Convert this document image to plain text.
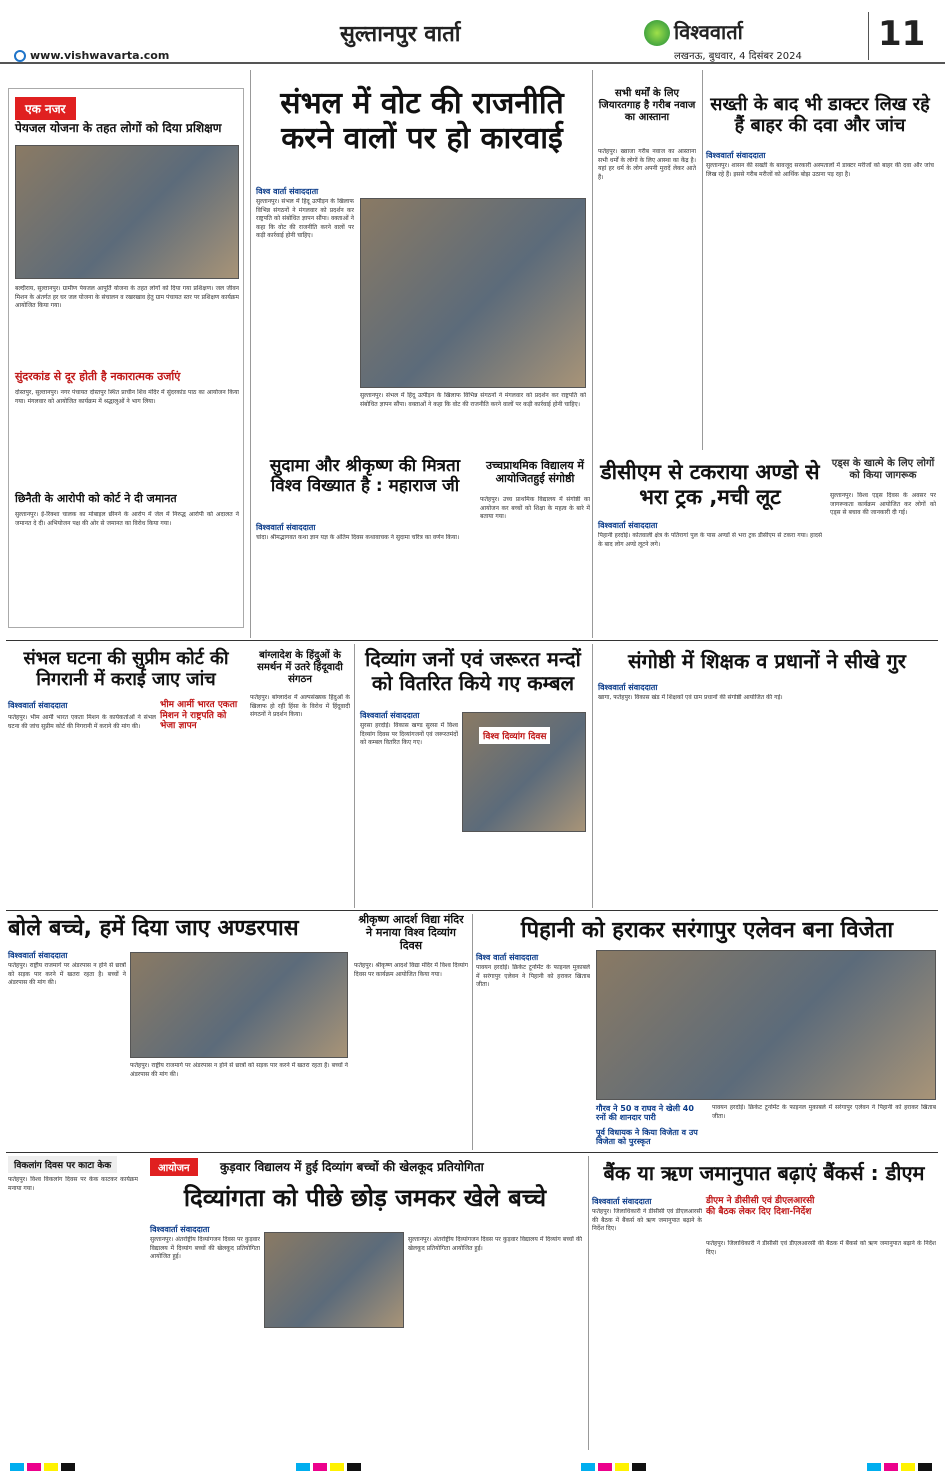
www.vishwavarta.com
सुल्तानपुर वार्ता	विश्ववार्ता
लखनऊ, बुधवार, 4 दिसंबर 2024
11
एक नजर
पेयजल योजना के तहत लोगों को दिया प्रशिक्षण
बल्दीराय, सुल्तानपुर। ग्रामीण पेयजल आपूर्ति योजना के तहत लोगों को दिया गया प्रशिक्षण। जल जीवन मिशन के अंतर्गत हर घर जल योजना के संचालन व रखरखाव हेतु ग्राम पंचायत स्तर पर प्रशिक्षण कार्यक्रम आयोजित किया गया।
सुंदरकांड से दूर होती है नकारात्मक उर्जाएं
दोस्तपुर, सुल्तानपुर। नगर पंचायत दोस्तपुर स्थित प्राचीन शिव मंदिर में सुंदरकांड पाठ का आयोजन किया गया। मंगलवार को आयोजित कार्यक्रम में श्रद्धालुओं ने भाग लिया।
छिनैती के आरोपी को कोर्ट ने दी जमानत
सुल्तानपुर। ई-रिक्शा चालक का मोबाइल छीनने के आरोप में जेल में निरुद्ध आरोपी को अदालत ने जमानत दे दी। अभियोजन पक्ष की ओर से जमानत का विरोध किया गया।
संभल में वोट की राजनीति करने वालों पर हो कारवाई
विश्व वार्ता संवाददाता
सुल्तानपुर। संभल में हिंदू उत्पीड़न के खिलाफ विभिन्न संगठनों ने मंगलवार को प्रदर्शन कर राष्ट्रपति को संबोधित ज्ञापन सौंपा। वक्ताओं ने कहा कि वोट की राजनीति करने वालों पर कड़ी कार्रवाई होनी चाहिए।
सुल्तानपुर। संभल में हिंदू उत्पीड़न के खिलाफ विभिन्न संगठनों ने मंगलवार को प्रदर्शन कर राष्ट्रपति को संबोधित ज्ञापन सौंपा। वक्ताओं ने कहा कि वोट की राजनीति करने वालों पर कड़ी कार्रवाई होनी चाहिए।
सभी धर्मों के लिए जियारतगाह है गरीब नवाज का आस्ताना
फतेहपुर। ख्वाजा गरीब नवाज का आस्ताना सभी धर्मों के लोगों के लिए आस्था का केंद्र है। यहां हर धर्म के लोग अपनी मुरादें लेकर आते हैं।
सख्ती के बाद भी डाक्टर लिख रहे हैं बाहर की दवा और जांच
विश्ववार्ता संवाददाता
सुल्तानपुर। शासन की सख्ती के बावजूद सरकारी अस्पतालों में डाक्टर मरीजों को बाहर की दवा और जांच लिख रहे हैं। इससे गरीब मरीजों को आर्थिक बोझ उठाना पड़ रहा है।
डीसीएम से टकराया अण्डो से भरा ट्रक ,मची लूट
विश्ववार्ता संवाददाता
पिहानी हरदोई। कोतवाली क्षेत्र के पतिरागां पुल के पास अण्डों से भरा ट्रक डीसीएम से टकरा गया। हादसे के बाद लोग अण्डे लूटने लगे।
एड्स के खात्मे के लिए लोगों को किया जागरूक
सुल्तानपुर। विश्व एड्स दिवस के अवसर पर जागरूकता कार्यक्रम आयोजित कर लोगों को एड्स से बचाव की जानकारी दी गई।
सुदामा और श्रीकृष्ण की मित्रता विश्व विख्यात है : महाराज जी
विश्ववार्ता संवाददाता
चांदा। श्रीमद्भागवत कथा ज्ञान यज्ञ के अंतिम दिवस कथावाचक ने सुदामा चरित्र का वर्णन किया।
उच्चप्राथमिक विद्यालय में आयोजितहुई संगोष्ठी
फतेहपुर। उच्च प्राथमिक विद्यालय में संगोष्ठी का आयोजन कर बच्चों को शिक्षा के महत्व के बारे में बताया गया।
संभल घटना की सुप्रीम कोर्ट की निगरानी में कराई जाए जांच
विश्ववार्ता संवाददाता	भीम आर्मी भारत एकता मिशन ने राष्ट्रपति को भेजा ज्ञापन
फतेहपुर। भीम आर्मी भारत एकता मिशन के कार्यकर्ताओं ने संभल घटना की जांच सुप्रीम कोर्ट की निगरानी में कराने की मांग की।
बांग्लादेश के हिंदुओं के समर्थन में उतरे हिंदूवादी संगठन
फतेहपुर। बांग्लादेश में अल्पसंख्यक हिंदुओं के खिलाफ हो रही हिंसा के विरोध में हिंदूवादी संगठनों ने प्रदर्शन किया।
दिव्यांग जनों एवं जरूरत मन्दों को वितरित किये गए कम्बल
विश्ववार्ता संवाददाता
सुरसा हरदोई। विकास खण्ड सुरसा में विश्व दिव्यांग दिवस पर दिव्यांगजनों एवं जरूरतमंदों को कम्बल वितरित किए गए।
विश्व दिव्यांग दिवस
संगोष्ठी में शिक्षक व प्रधानों ने सीखे गुर
विश्ववार्ता संवाददाता
खागा, फतेहपुर। विकास खंड में शिक्षकों एवं ग्राम प्रधानों की संगोष्ठी आयोजित की गई।
बोले बच्चे, हमें दिया जाए अण्डरपास
विश्ववार्ता संवाददाता
फतेहपुर। राष्ट्रीय राजमार्ग पर अंडरपास न होने से छात्रों को सड़क पार करने में खतरा रहता है। बच्चों ने अंडरपास की मांग की।
फतेहपुर। राष्ट्रीय राजमार्ग पर अंडरपास न होने से छात्रों को सड़क पार करने में खतरा रहता है। बच्चों ने अंडरपास की मांग की।
श्रीकृष्ण आदर्श विद्या मंदिर ने मनाया विश्व दिव्यांग दिवस
फतेहपुर। श्रीकृष्ण आदर्श विद्या मंदिर में विश्व दिव्यांग दिवस पर कार्यक्रम आयोजित किया गया।
पिहानी को हराकर सरंगापुर एलेवन बना विजेता
विश्व वार्ता संवाददाता
पावयन हरदोई। क्रिकेट टूर्नामेंट के फाइनल मुकाबले में सरंगापुर एलेवन ने पिहानी को हराकर खिताब जीता।
गौरव ने 50 व राघव ने खेली 40 रनों की शानदार पारी
पूर्व विधायक ने किया विजेता व उप विजेता को पुरस्कृत
पावयन हरदोई। क्रिकेट टूर्नामेंट के फाइनल मुकाबले में सरंगापुर एलेवन ने पिहानी को हराकर खिताब जीता।
विकलांग दिवस पर काटा केक	आयोजन	कुड़वार विद्यालय में हुई दिव्यांग बच्चों की खेलकूद प्रतियोगिता
फतेहपुर। विश्व विकलांग दिवस पर केक काटकर कार्यक्रम मनाया गया।	दिव्यांगता को पीछे छोड़ जमकर खेले बच्चे
विश्ववार्ता संवाददाता
सुल्तानपुर। अंतर्राष्ट्रीय दिव्यांगजन दिवस पर कुड़वार विद्यालय में दिव्यांग बच्चों की खेलकूद प्रतियोगिता आयोजित हुई।
सुल्तानपुर। अंतर्राष्ट्रीय दिव्यांगजन दिवस पर कुड़वार विद्यालय में दिव्यांग बच्चों की खेलकूद प्रतियोगिता आयोजित हुई।
बैंक या ऋण जमानुपात बढ़ाएं बैंकर्स : डीएम
विश्ववार्ता संवाददाता	डीएम ने डीसीसी एवं डीएलआरसी की बैठक लेकर दिए दिशा-निर्देश
फतेहपुर। जिलाधिकारी ने डीसीसी एवं डीएलआरसी की बैठक में बैंकर्स को ऋण जमानुपात बढ़ाने के निर्देश दिए।
फतेहपुर। जिलाधिकारी ने डीसीसी एवं डीएलआरसी की बैठक में बैंकर्स को ऋण जमानुपात बढ़ाने के निर्देश दिए।
